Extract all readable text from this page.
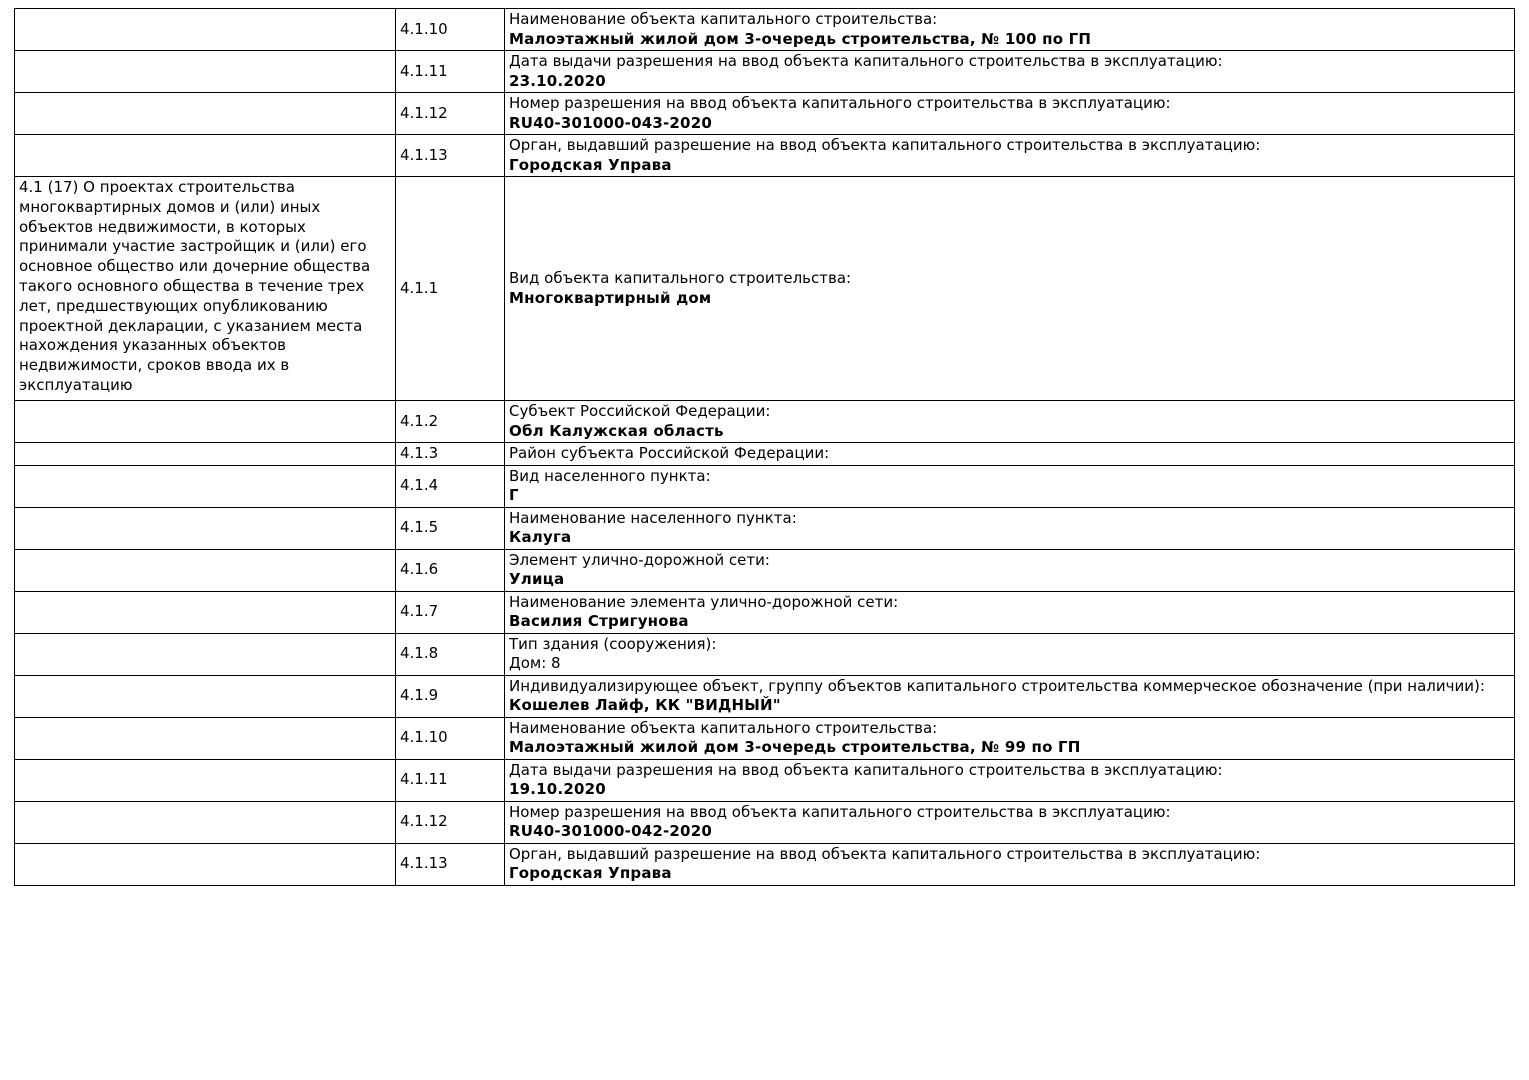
	4.1.10	Наименование объекта капитального строительства:
Малоэтажный жилой дом 3-очередь строительства, № 100 по ГП

	4.1.11	Дата выдачи разрешения на ввод объекта капитального строительства в эксплуатацию:
23.10.2020

	4.1.12	Номер разрешения на ввод объекта капитального строительства в эксплуатацию:
RU40-301000-043-2020

	4.1.13	Орган, выдавший разрешение на ввод объекта капитального строительства в эксплуатацию:
Городская Управа

4.1 (17) О проектах строительства многоквартирных домов и (или) иных объектов недвижимости, в которых принимали участие застройщик и (или) его основное общество или дочерние общества такого основного общества в течение трех лет, предшествующих опубликованию проектной декларации, с указанием места нахождения указанных объектов недвижимости, сроков ввода их в эксплуатацию	4.1.1	Вид объекта капитального строительства:
Многоквартирный дом

	4.1.2	Субъект Российской Федерации:
Обл Калужская область

	4.1.3	Район субъекта Российской Федерации:

	4.1.4	Вид населенного пункта:
Г

	4.1.5	Наименование населенного пункта:
Калуга

	4.1.6	Элемент улично-дорожной сети:
Улица

	4.1.7	Наименование элемента улично-дорожной сети:
Василия Стригунова

	4.1.8	Тип здания (сооружения):
Дом: 8

	4.1.9	Индивидуализирующее объект, группу объектов капитального строительства коммерческое обозначение (при наличии):
Кошелев Лайф, КК "ВИДНЫЙ"

	4.1.10	Наименование объекта капитального строительства:
Малоэтажный жилой дом 3-очередь строительства, № 99 по ГП

	4.1.11	Дата выдачи разрешения на ввод объекта капитального строительства в эксплуатацию:
19.10.2020

	4.1.12	Номер разрешения на ввод объекта капитального строительства в эксплуатацию:
RU40-301000-042-2020

	4.1.13	Орган, выдавший разрешение на ввод объекта капитального строительства в эксплуатацию:
Городская Управа
